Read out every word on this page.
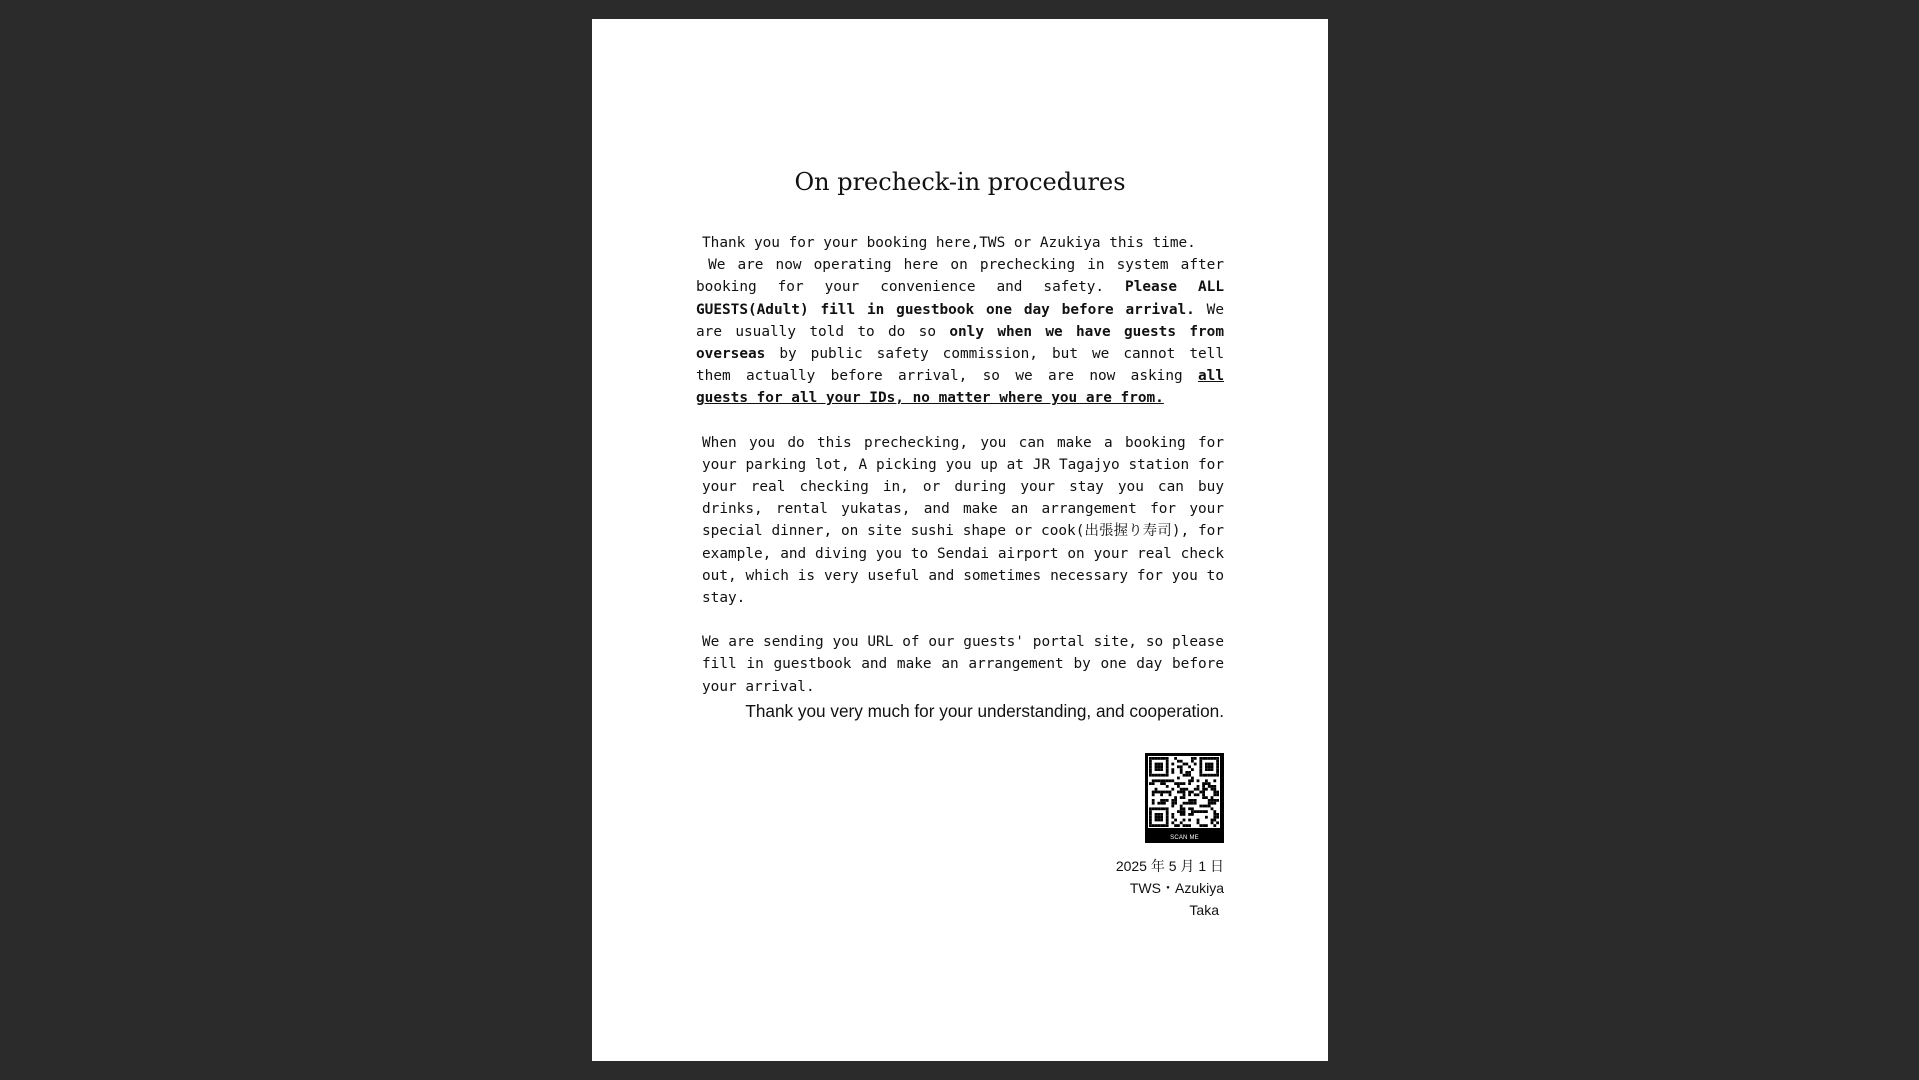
On precheck-in procedures

Thank you for your booking here,TWS or Azukiya this time.

We are now operating here on prechecking in system after booking for your convenience and safety. Please ALL GUESTS(Adult) fill in guestbook one day before arrival. We are usually told to do so only when we have guests from overseas by public safety commission, but we cannot tell them actually before arrival, so we are now asking all guests for all your IDs, no matter where you are from.

When you do this prechecking, you can make a booking for your parking lot, A picking you up at JR Tagajyo station for your real checking in, or during your stay you can buy drinks, rental yukatas, and make an arrangement for your special dinner, on site sushi shape or cook(出張握り寿司), for example, and diving you to Sendai airport on your real check out, which is very useful and sometimes necessary for you to stay.

We are sending you URL of our guests' portal site, so please fill in guestbook and make an arrangement by one day before your arrival.

Thank you very much for your understanding, and cooperation.
SCAN ME
2025 年 5 月 1 日
TWS・Azukiya
Taka
